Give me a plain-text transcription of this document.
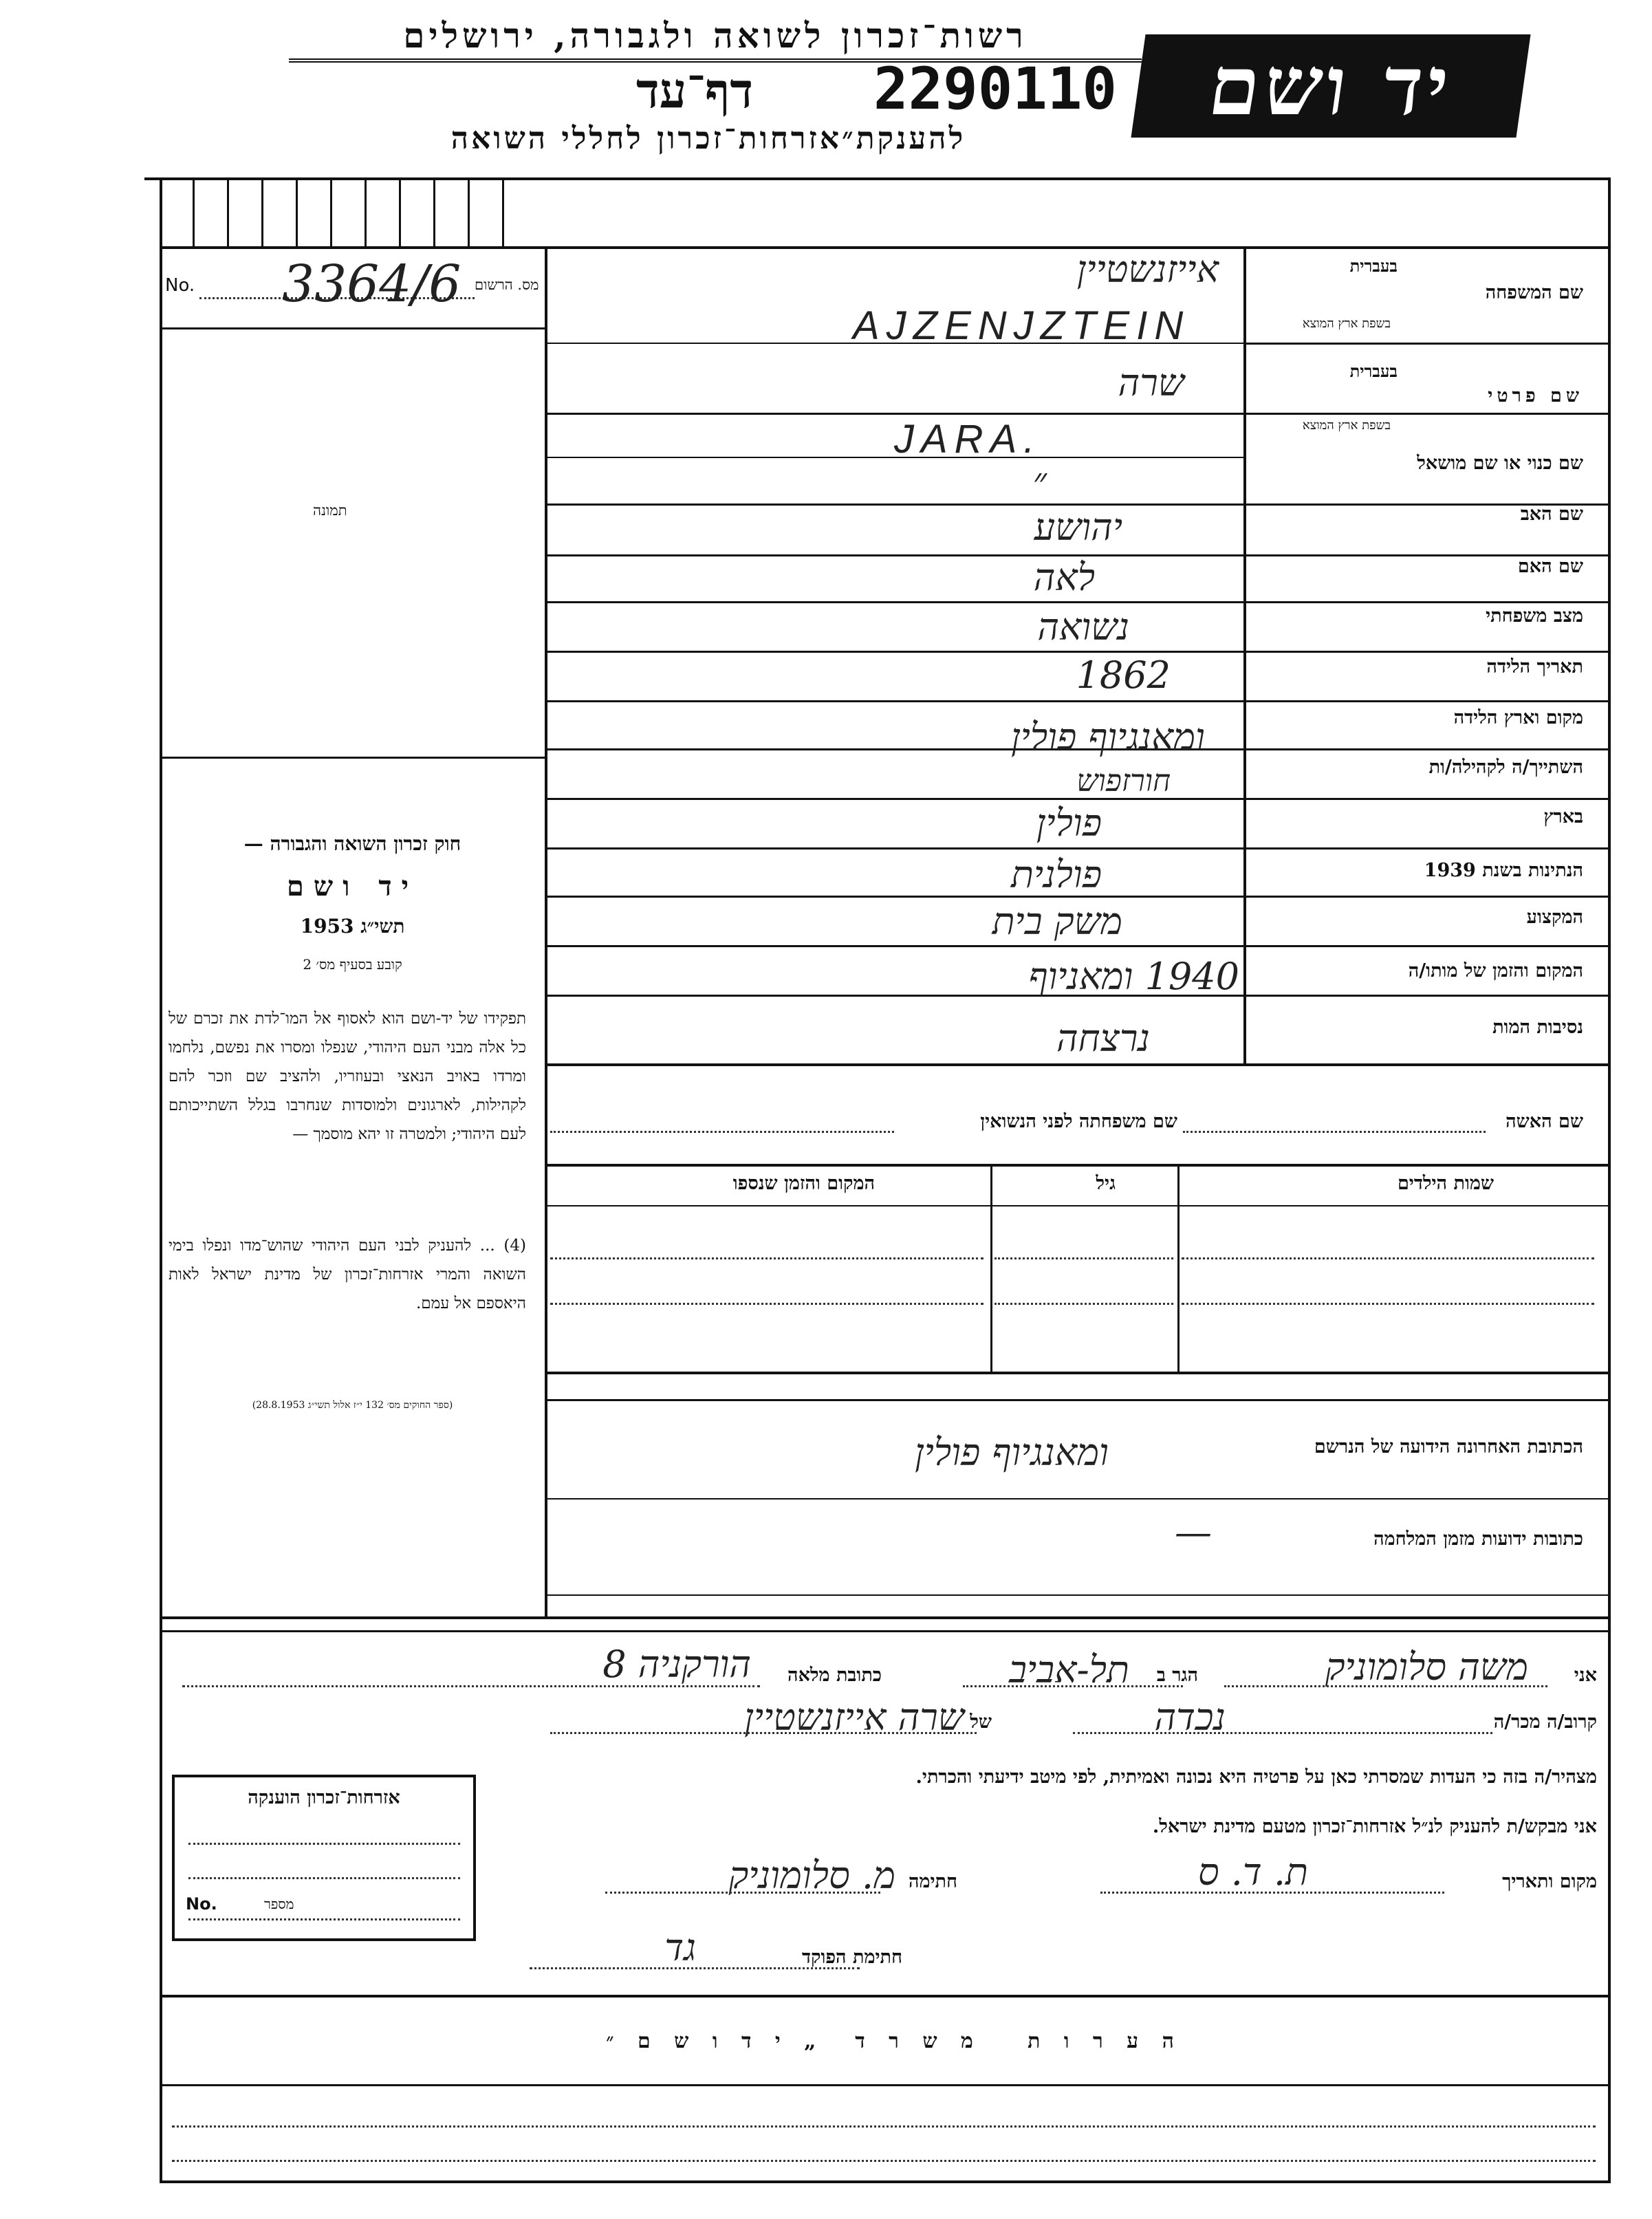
רשות־זכרון לשואה ולגבורה, ירושלים
יד ושם
2290110
דף־עד
להענקת״אזרחות־זכרון לחללי השואה
No. 3364/6 מס. הרשום
תמונה
חוק זכרון השואה והגבורה —
יד ושם
תשי״ג 1953
קובע בסעיף מס׳ 2
תפקידו של יד-ושם הוא לאסוף אל המו־לדת את זכרם של כל אלה מבני העם היהודי, שנפלו ומסרו את נפשם, נלחמו ומרדו באויב הנאצי ובעוזריו, ולהציב שם וזכר להם לקהילות, לארגונים ולמוסדות שנחרבו בגלל השתייכותם לעם היהודי; ולמטרה זו יהא מוסמך —
(4) ... להעניק לבני העם היהודי שהוש־מדו ונפלו בימי השואה והמרי אזרחות־זכרון של מדינת ישראל לאות היאספם אל עמם.
(ספר החוקים מס׳ 132 י״ז אלול תשי״ג 28.8.1953)
שם המשפחה
בעברית
בשפת ארץ המוצא
אייזנשטיין
AJZENJZTEIN
שם פרטי
בעברית
בשפת ארץ המוצא
שרה
JARA.
שם כנוי או שם מושאל
״
שם האב
יהושע
שם האם
לאה
מצב משפחתי
נשואה
תאריך הלידה
1862
מקום וארץ הלידה
השתייך/ה לקהילה/ות
ומאנגיוף פולין
חורזפוש
בארץ
פולין
הנתינות בשנת 1939
פולנית
המקצוע
משק בית
המקום והזמן של מותו/ה
1940 ומאניוף
נסיבות המות
נרצחה
שם האשה
שם משפחתה לפני הנשואין
שמות הילדים
גיל
המקום והזמן שנספו
הכתובת האחרונה הידועה של הנרשם
ומאנגיוף פולין
כתובות ידועות מזמן המלחמה
—
אני
משה סלומוניק
הגר ב
תל-אביב
כתובת מלאה
הורקניה 8
קרוב/ה מכר/ה
נכדה
של
שרה אייזנשטיין
מצהיר/ה בזה כי העדות שמסרתי כאן על פרטיה היא נכונה ואמיתית, לפי מיטב ידיעתי והכרתי.
אני מבקש/ת להעניק לנ״ל אזרחות־זכרון מטעם מדינת ישראל.
מקום ותאריך
ת. ד. ס
חתימה
מ. סלומוניק
חתימת הפוקד
גד
אזרחות־זכרון הוענקה
No.	מספר
ה ע ר ו ת   מ ש ר ד  „ י ד ו ש ם ״
